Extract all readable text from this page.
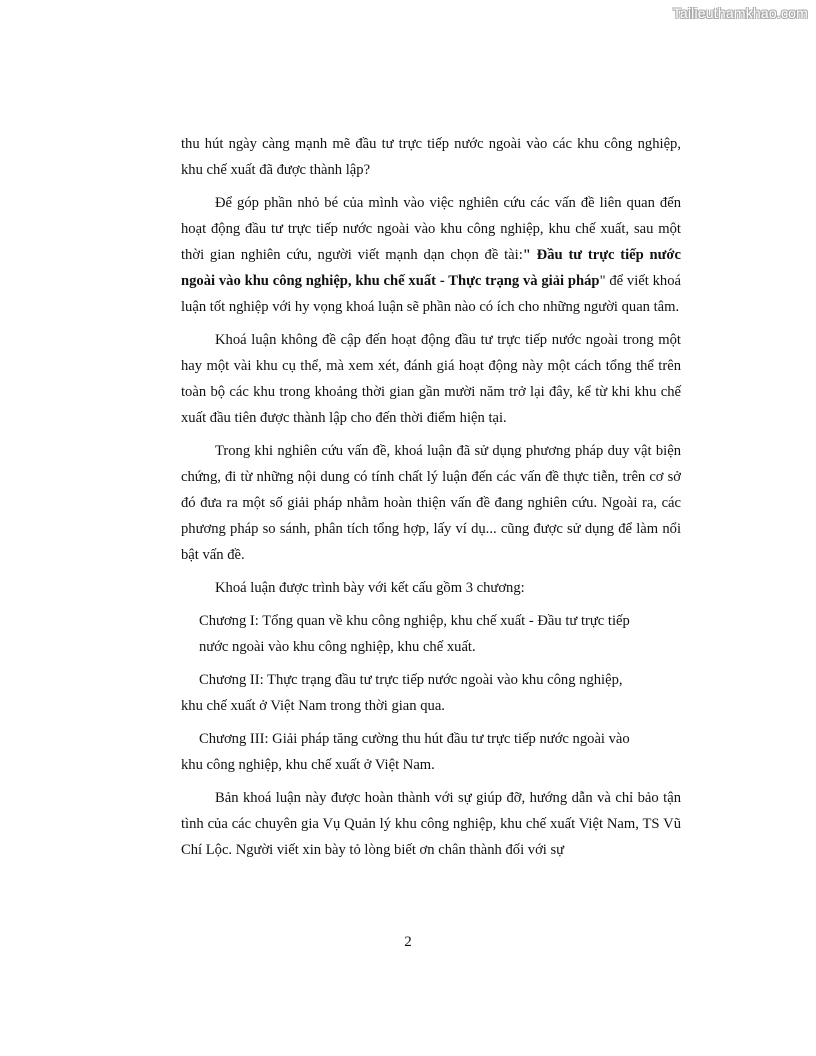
Tailieuthamkhao.com

thu hút ngày càng mạnh mẽ đầu tư trực tiếp nước ngoài vào các khu công nghiệp, khu chế xuất đã được thành lập?

Để góp phần nhỏ bé của mình vào việc nghiên cứu các vấn đề liên quan đến hoạt động đầu tư trực tiếp nước ngoài vào khu công nghiệp, khu chế xuất, sau một thời gian nghiên cứu, người viết mạnh dạn chọn đề tài:" Đầu tư trực tiếp nước ngoài vào khu công nghiệp, khu chế xuất - Thực trạng và giải pháp" để viết khoá luận tốt nghiệp với hy vọng khoá luận sẽ phần nào có ích cho những người quan tâm.

Khoá luận không đề cập đến hoạt động đầu tư trực tiếp nước ngoài trong một hay một vài khu cụ thể, mà xem xét, đánh giá hoạt động này một cách tổng thể trên toàn bộ các khu trong khoảng thời gian gần mười năm trở lại đây, kể từ khi khu chế xuất đầu tiên được thành lập cho đến thời điểm hiện tại.

Trong khi nghiên cứu vấn đề, khoá luận đã sử dụng phương pháp duy vật biện chứng, đi từ những nội dung có tính chất lý luận đến các vấn đề thực tiễn, trên cơ sở đó đưa ra một số giải pháp nhằm hoàn thiện vấn đề đang nghiên cứu. Ngoài ra, các phương pháp so sánh, phân tích tổng hợp, lấy ví dụ... cũng được sử dụng để làm nổi bật vấn đề.

Khoá luận được trình bày với kết cấu gồm 3 chương:

Chương I: Tổng quan về khu công nghiệp, khu chế xuất - Đầu tư trực tiếp
nước ngoài vào khu công nghiệp, khu chế xuất.

Chương II: Thực trạng đầu tư trực tiếp nước ngoài vào khu công nghiệp,
khu chế xuất ở Việt Nam trong thời gian qua.

Chương III: Giải pháp tăng cường thu hút đầu tư trực tiếp nước ngoài vào
khu công nghiệp, khu chế xuất ở Việt Nam.

Bản khoá luận này được hoàn thành với sự giúp đỡ, hướng dẫn và chỉ bảo tận tình của các chuyên gia Vụ Quản lý khu công nghiệp, khu chế xuất Việt Nam, TS Vũ Chí Lộc. Người viết xin bày tỏ lòng biết ơn chân thành đối với sự

2
